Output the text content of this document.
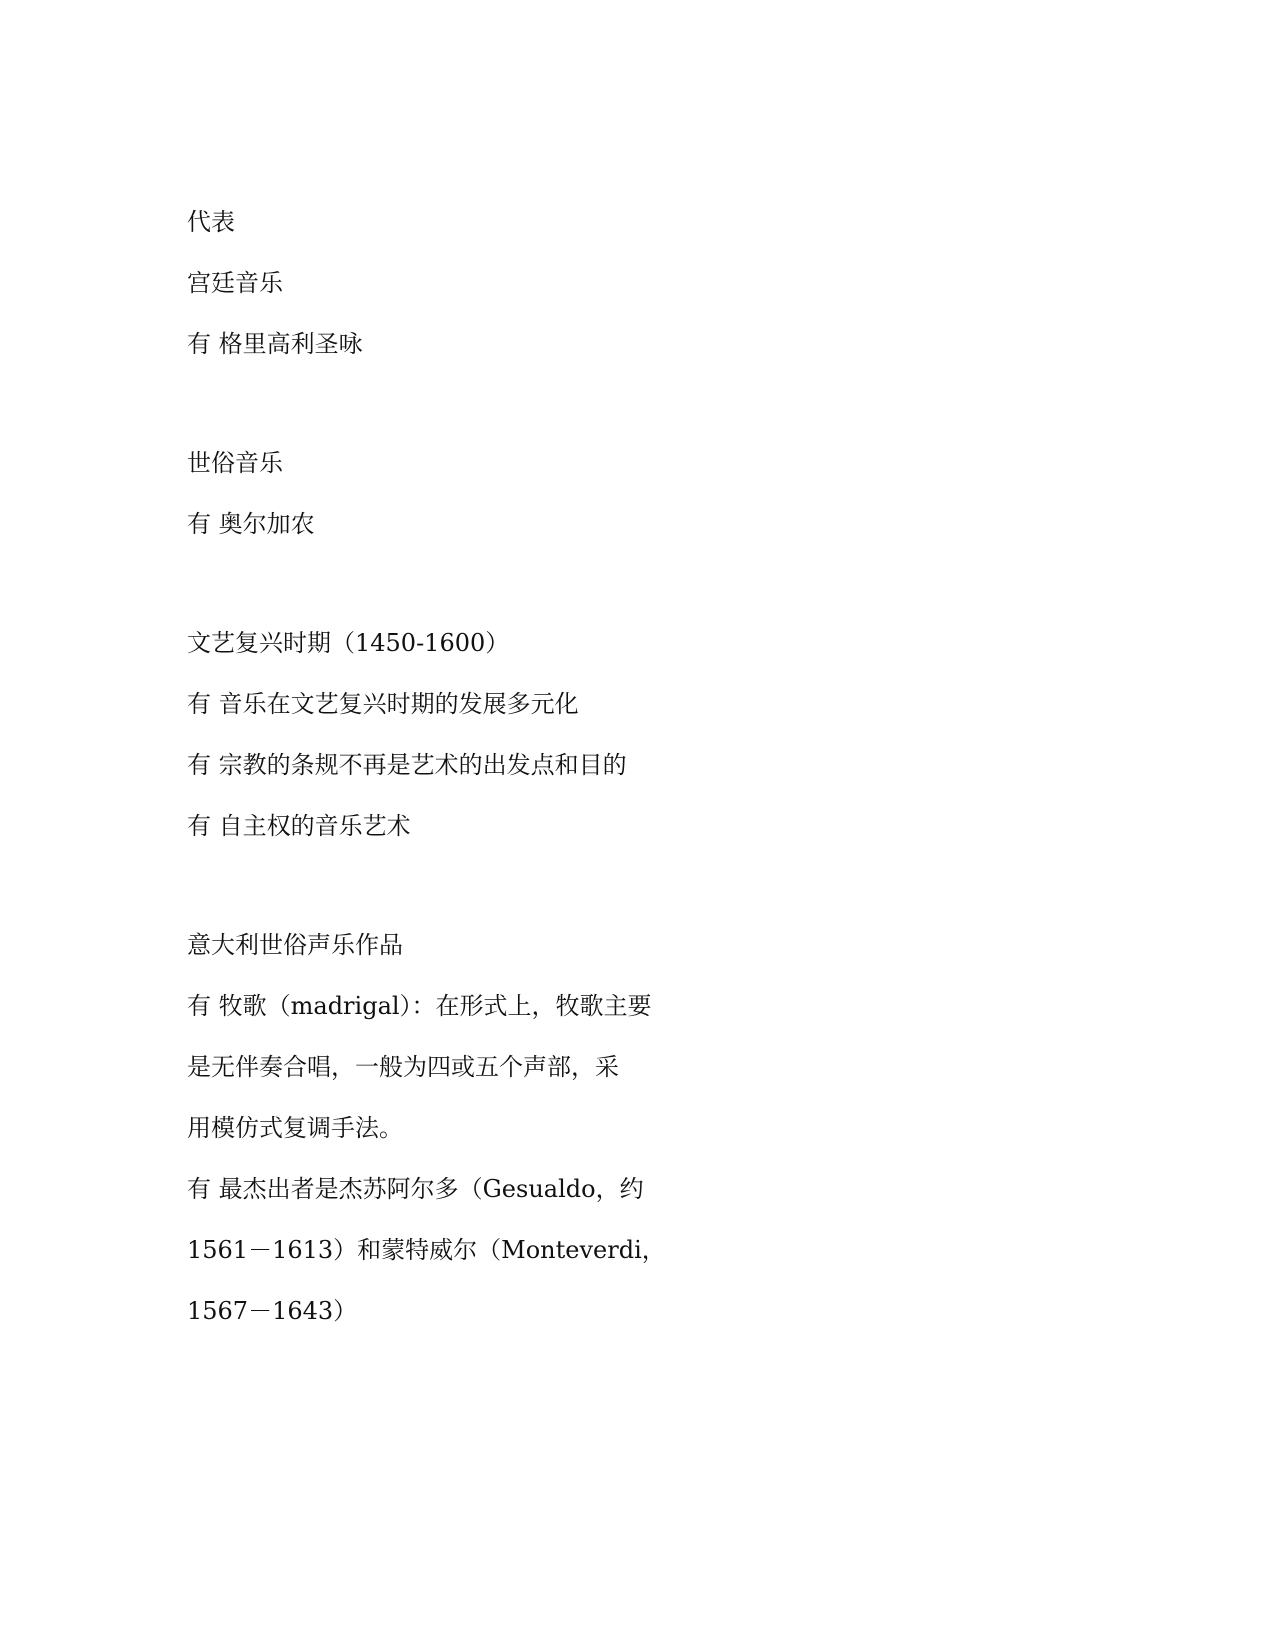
代表
宫廷音乐
有 格里高利圣咏
世俗音乐
有 奥尔加农
文艺复兴时期（1450-1600）
有 音乐在文艺复兴时期的发展多元化
有 宗教的条规不再是艺术的出发点和目的
有 自主权的音乐艺术
意大利世俗声乐作品
有 牧歌（madrigal）：在形式上，牧歌主要
是无伴奏合唱，一般为四或五个声部，采
用模仿式复调手法。
有 最杰出者是杰苏阿尔多（Gesualdo，约
1561－1613）和蒙特威尔（Monteverdi，
1567－1643）
